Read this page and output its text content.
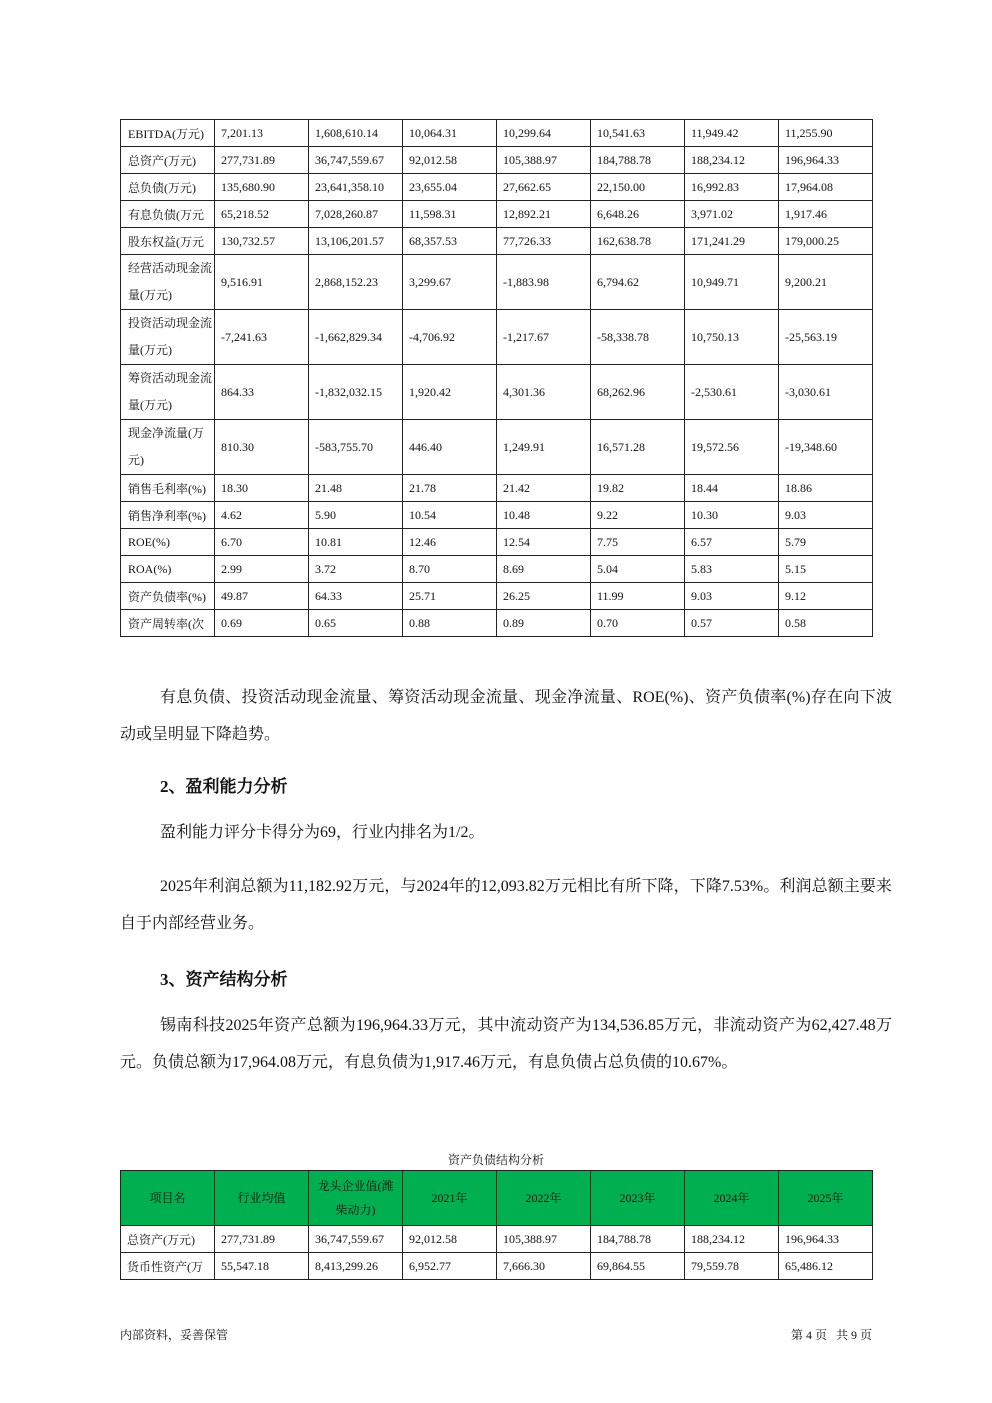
EBITDA(万元)	7,201.13	1,608,610.14	10,064.31	10,299.64	10,541.63	11,949.42	11,255.90
总资产(万元)	277,731.89	36,747,559.67	92,012.58	105,388.97	184,788.78	188,234.12	196,964.33
总负债(万元)	135,680.90	23,641,358.10	23,655.04	27,662.65	22,150.00	16,992.83	17,964.08
有息负债(万元	65,218.52	7,028,260.87	11,598.31	12,892.21	6,648.26	3,971.02	1,917.46
股东权益(万元	130,732.57	13,106,201.57	68,357.53	77,726.33	162,638.78	171,241.29	179,000.25
经营活动现金流量(万元)	9,516.91	2,868,152.23	3,299.67	-1,883.98	6,794.62	10,949.71	9,200.21
投资活动现金流量(万元)	-7,241.63	-1,662,829.34	-4,706.92	-1,217.67	-58,338.78	10,750.13	-25,563.19
筹资活动现金流量(万元)	864.33	-1,832,032.15	1,920.42	4,301.36	68,262.96	-2,530.61	-3,030.61
现金净流量(万元)	810.30	-583,755.70	446.40	1,249.91	16,571.28	19,572.56	-19,348.60
销售毛利率(%)	18.30	21.48	21.78	21.42	19.82	18.44	18.86
销售净利率(%)	4.62	5.90	10.54	10.48	9.22	10.30	9.03
ROE(%)	6.70	10.81	12.46	12.54	7.75	6.57	5.79
ROA(%)	2.99	3.72	8.70	8.69	5.04	5.83	5.15
资产负债率(%)	49.87	64.33	25.71	26.25	11.99	9.03	9.12
资产周转率(次	0.69	0.65	0.88	0.89	0.70	0.57	0.58

有息负债、投资活动现金流量、筹资活动现金流量、现金净流量、ROE(%)、资产负债率(%)存在向下波动或呈明显下降趋势。

2、盈利能力分析

盈利能力评分卡得分为69，行业内排名为1/2。

2025年利润总额为11,182.92万元，与2024年的12,093.82万元相比有所下降，下降7.53%。利润总额主要来自于内部经营业务。

3、资产结构分析

锡南科技2025年资产总额为196,964.33万元，其中流动资产为134,536.85万元，非流动资产为62,427.48万元。负债总额为17,964.08万元，有息负债为1,917.46万元，有息负债占总负债的10.67%。

资产负债结构分析
项目名	行业均值	龙头企业值(潍柴动力)	2021年	2022年	2023年	2024年	2025年
总资产(万元)	277,731.89	36,747,559.67	92,012.58	105,388.97	184,788.78	188,234.12	196,964.33
货币性资产(万	55,547.18	8,413,299.26	6,952.77	7,666.30	69,864.55	79,559.78	65,486.12
内部资料，妥善保管	第 4 页   共 9 页
